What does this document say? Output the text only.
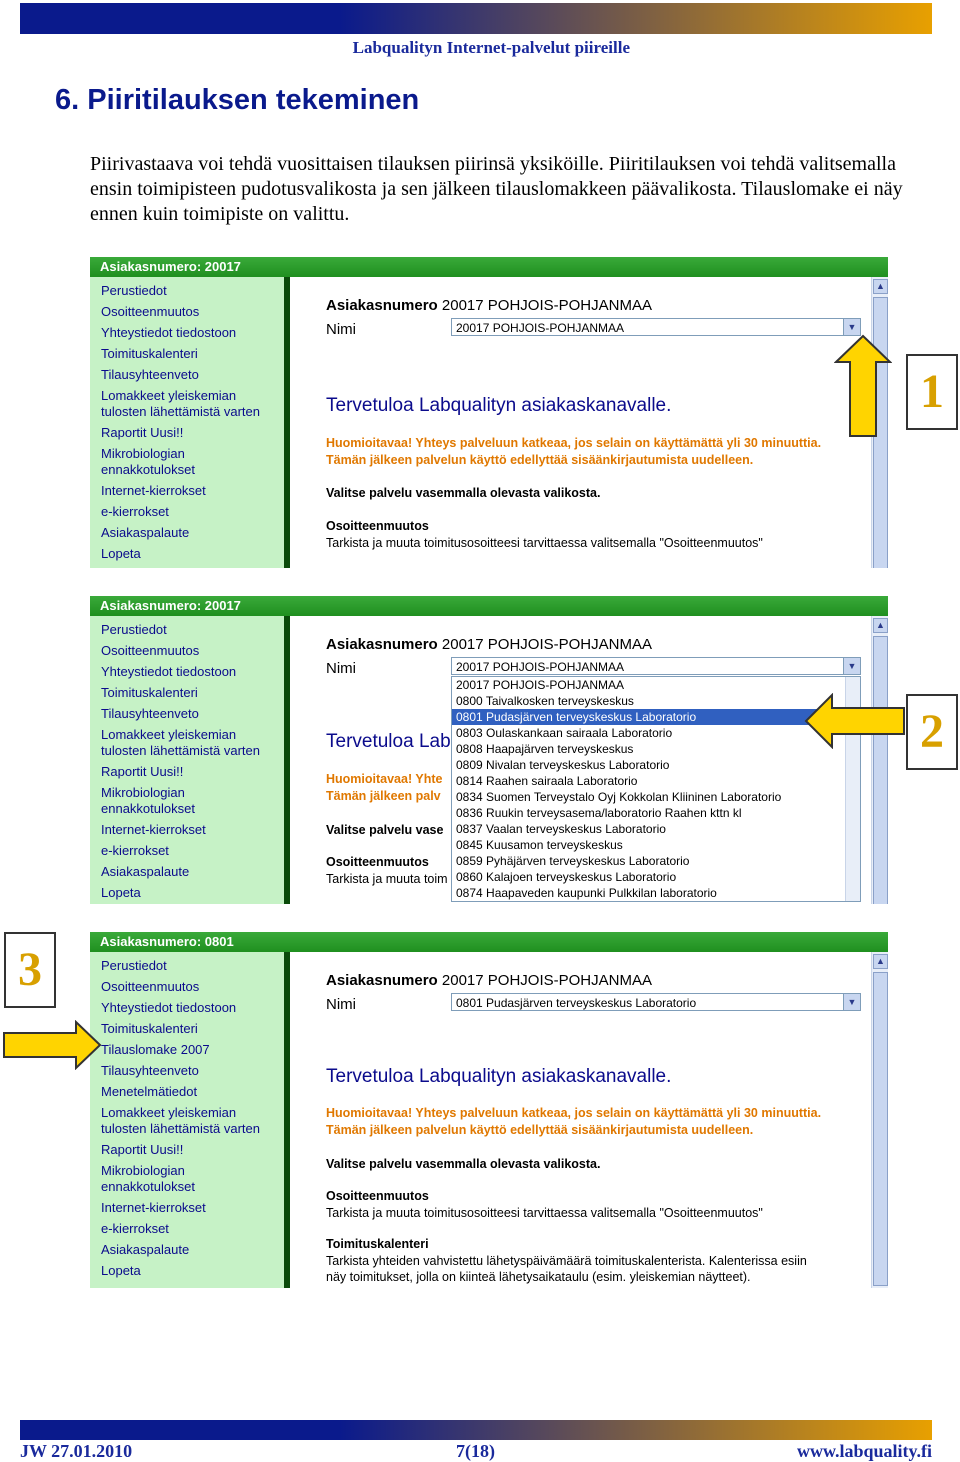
Labqualityn Internet-palvelut piireille
6. Piiritilauksen tekeminen

Piirivastaava voi tehdä vuosittaisen tilauksen piirinsä yksiköille. Piiritilauksen voi tehdä valitsemalla ensin toimipisteen pudotusvalikosta ja sen jälkeen tilauslomakkeen päävalikosta. Tilauslomake ei näy ennen kuin toimipiste on valittu.

Asiakasnumero: 20017
Perustiedot
Osoitteenmuutos
Yhteystiedot tiedostoon
Toimituskalenteri
Tilausyhteenveto
Lomakkeet yleiskemian
tulosten lähettämistä varten
Raportit Uusi!!
Mikrobiologian
ennakkotulokset
Internet-kierrokset
e-kierrokset
Asiakaspalaute
Lopeta
Asiakasnumero 20017 POHJOIS-POHJANMAA
Nimi	20017 POHJOIS-POHJANMAA	▼
Tervetuloa Labqualityn asiakaskanavalle.
Huomioitavaa! Yhteys palveluun katkeaa, jos selain on käyttämättä yli 30 minuuttia.
Tämän jälkeen palvelun käyttö edellyttää sisäänkirjautumista uudelleen.
Valitse palvelu vasemmalla olevasta valikosta.
Osoitteenmuutos
Tarkista ja muuta toimitusosoitteesi tarvittaessa valitsemalla "Osoitteenmuutos"
▲
Asiakasnumero: 20017
Perustiedot
Osoitteenmuutos
Yhteystiedot tiedostoon
Toimituskalenteri
Tilausyhteenveto
Lomakkeet yleiskemian
tulosten lähettämistä varten
Raportit Uusi!!
Mikrobiologian
ennakkotulokset
Internet-kierrokset
e-kierrokset
Asiakaspalaute
Lopeta
Asiakasnumero 20017 POHJOIS-POHJANMAA
Nimi	20017 POHJOIS-POHJANMAA	▼
Tervetuloa Lab
Huomioitavaa! Yhte
Tämän jälkeen palv
Valitse palvelu vase
Osoitteenmuutos
Tarkista ja muuta toim
20017 POHJOIS-POHJANMAA
0800 Taivalkosken terveyskeskus
0801 Pudasjärven terveyskeskus Laboratorio
0803 Oulaskankaan sairaala Laboratorio
0808 Haapajärven terveyskeskus
0809 Nivalan terveyskeskus Laboratorio
0814 Raahen sairaala Laboratorio
0834 Suomen Terveystalo Oyj Kokkolan Kliininen Laboratorio
0836 Ruukin terveysasema/laboratorio Raahen kttn kl
0837 Vaalan terveyskeskus Laboratorio
0845 Kuusamon terveyskeskus
0859 Pyhäjärven terveyskeskus Laboratorio
0860 Kalajoen terveyskeskus Laboratorio
0874 Haapaveden kaupunki Pulkkilan laboratorio
▲
Asiakasnumero: 0801
Perustiedot
Osoitteenmuutos
Yhteystiedot tiedostoon
Toimituskalenteri
Tilauslomake 2007
Tilausyhteenveto
Menetelmätiedot
Lomakkeet yleiskemian
tulosten lähettämistä varten
Raportit Uusi!!
Mikrobiologian
ennakkotulokset
Internet-kierrokset
e-kierrokset
Asiakaspalaute
Lopeta
Asiakasnumero 20017 POHJOIS-POHJANMAA
Nimi	0801 Pudasjärven terveyskeskus Laboratorio	▼
Tervetuloa Labqualityn asiakaskanavalle.
Huomioitavaa! Yhteys palveluun katkeaa, jos selain on käyttämättä yli 30 minuuttia.
Tämän jälkeen palvelun käyttö edellyttää sisäänkirjautumista uudelleen.
Valitse palvelu vasemmalla olevasta valikosta.
Osoitteenmuutos
Tarkista ja muuta toimitusosoitteesi tarvittaessa valitsemalla "Osoitteenmuutos"
Toimituskalenteri
Tarkista yhteiden vahvistettu lähetyspäivämäärä toimituskalenterista. Kalenterissa esiin
näy toimitukset, jolla on kiinteä lähetysaikataulu (esim. yleiskemian näytteet).
▲
1
2
3
JW 27.01.2010	7(18)	www.labquality.fi
